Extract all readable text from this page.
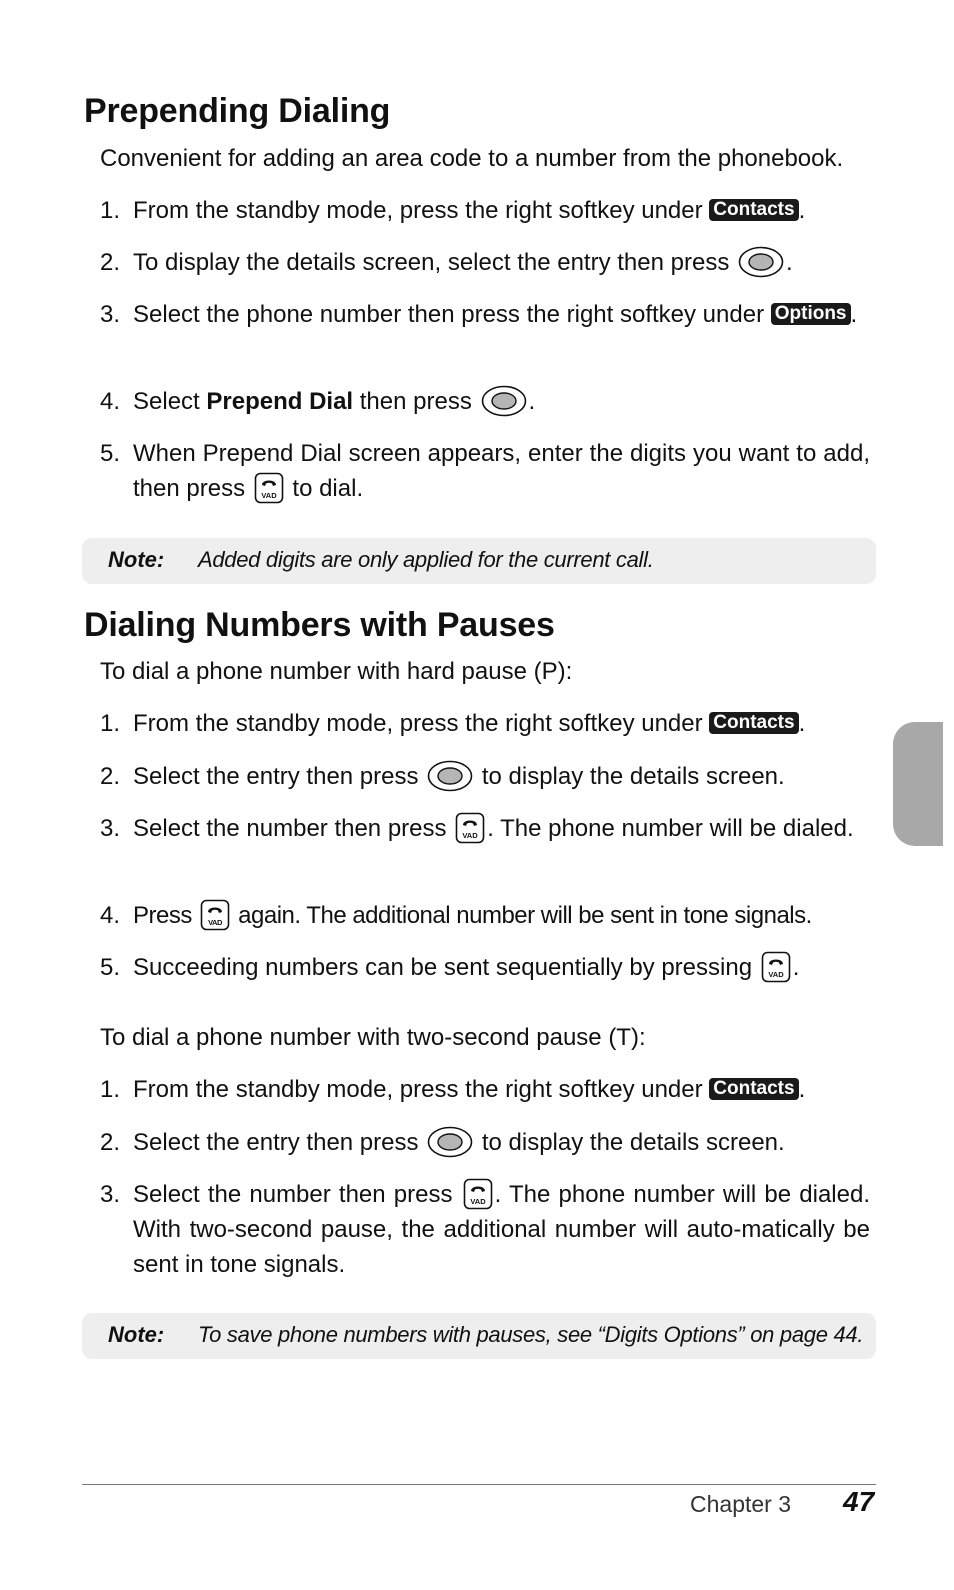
Prepending Dialing

Convenient for adding an area code to a number from the phonebook.

1. From the standby mode, press the right softkey under Contacts .
2. To display the details screen, select the entry then press .
3. Select the phone number then press the right softkey under Options .
4. Select Prepend Dial then press .
5. When Prepend Dial screen appears, enter the digits you want to add, then press  to dial.
Note: Added digits are only applied for the current call.
Dialing Numbers with Pauses

To dial a phone number with hard pause (P):

1. From the standby mode, press the right softkey under Contacts .
2. Select the entry then press  to display the details screen.
3. Select the number then press . The phone number will be dialed.
4. Press  again. The additional number will be sent in tone signals.
5. Succeeding numbers can be sent sequentially by pressing .

To dial a phone number with two-second pause (T):

1. From the standby mode, press the right softkey under Contacts .
2. Select the entry then press  to display the details screen.
3. Select the number then press . The phone number will be dialed. With two-second pause, the additional number will auto-matically be sent in tone signals.
Note: To save phone numbers with pauses, see “Digits Options” on page 44.
Chapter 3 47
